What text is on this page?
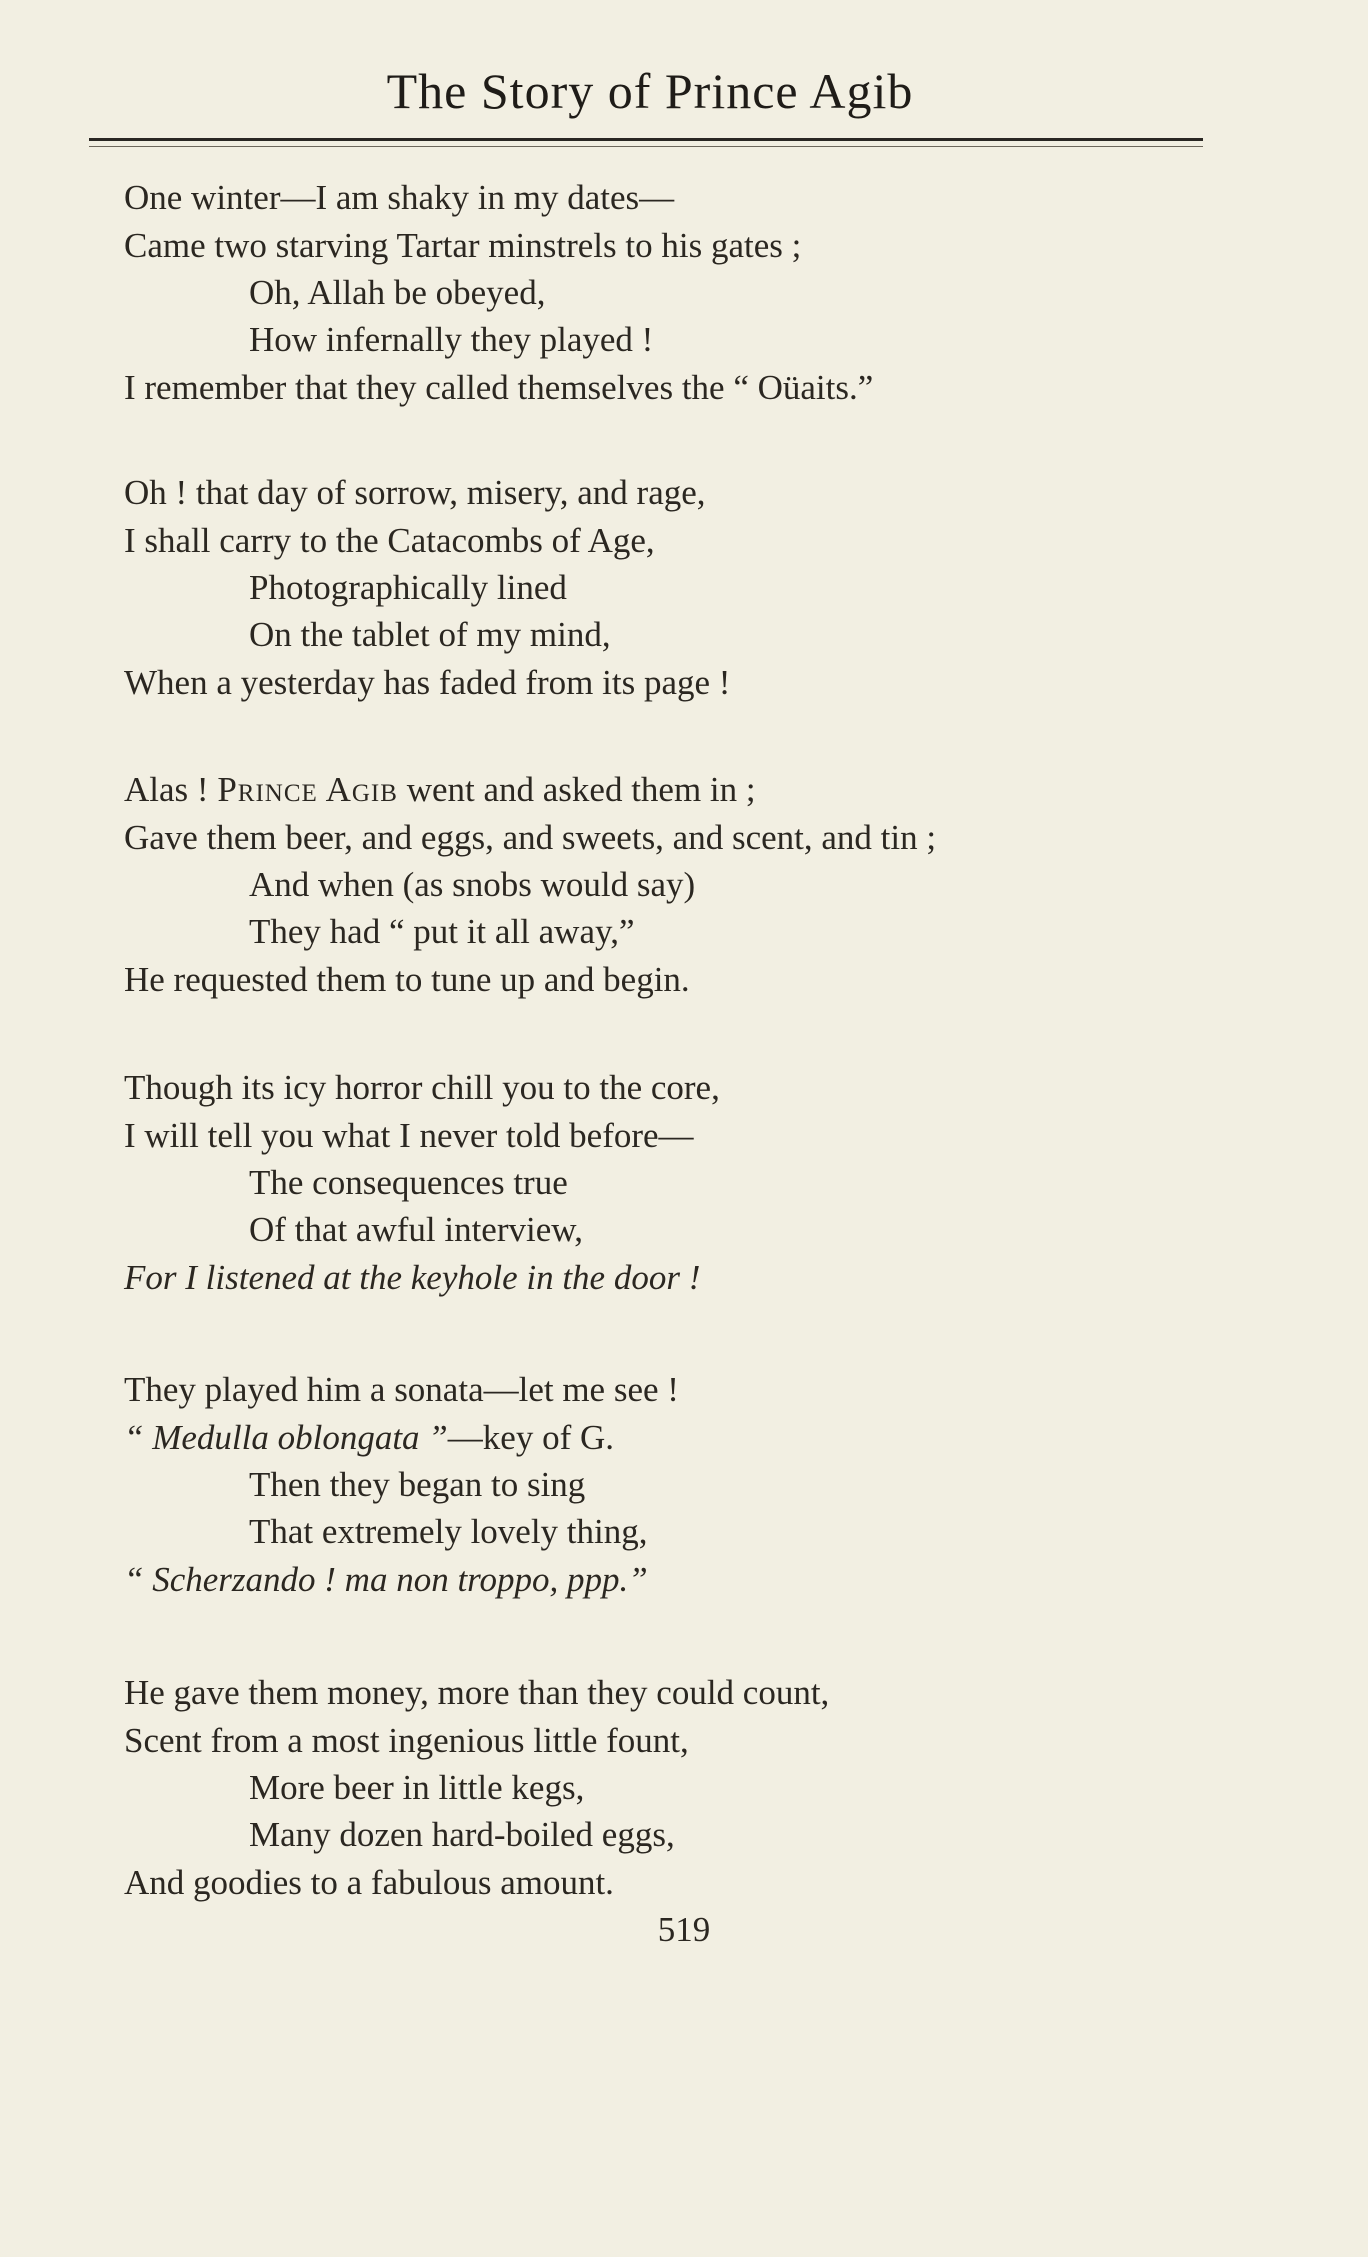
The Story of Prince Agib
One winter—I am shaky in my dates—
Came two starving Tartar minstrels to his gates ;
Oh, Allah be obeyed,
How infernally they played !
I remember that they called themselves the “ Oüaits.”
Oh ! that day of sorrow, misery, and rage,
I shall carry to the Catacombs of Age,
Photographically lined
On the tablet of my mind,
When a yesterday has faded from its page !
Alas ! Prince Agib went and asked them in ;
Gave them beer, and eggs, and sweets, and scent, and tin ;
And when (as snobs would say)
They had “ put it all away,”
He requested them to tune up and begin.
Though its icy horror chill you to the core,
I will tell you what I never told before—
The consequences true
Of that awful interview,
For I listened at the keyhole in the door !
They played him a sonata—let me see !
“ Medulla oblongata ”—key of G.
Then they began to sing
That extremely lovely thing,
“ Scherzando ! ma non troppo, ppp.”
He gave them money, more than they could count,
Scent from a most ingenious little fount,
More beer in little kegs,
Many dozen hard-boiled eggs,
And goodies to a fabulous amount.
519
